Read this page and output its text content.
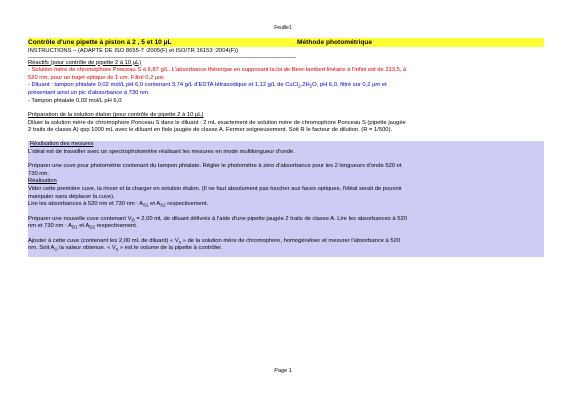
Feuille1
Contrôle d'une pipette à piston à 2 , 5 et 10 µL	Méthode photométrique
INSTRUCTIONS – (ADAPTE DE ISO 8655-7 :2005(F) et ISO/TR 16153 :2004(F))
---------------------------------------------------------------------------------------------------------------------------------------------------------------------------------------
Réactifs (pour contrôle de pipette 2 à 10 µL)
- Solution mère de chromophore Ponceau S à 6,87 g/L. L'absorbance théorique en supposant la loi de Beer-lambert linéaire à l'infini est de 313,5, à
520 nm, pour un trajet optique de 1 cm. Filtré 0,2 µm.
- Diluant : tampon phtalate 0,02 mol/L pH 6,0 contenant 3,74 g/L d'EDTA tétrasodique et 1,12 g/L de $CuCl_2,2H_2O$, pH 6,0, filtré sur 0,2 µm et
présentant ainsi un pic d'absorbance à 730 nm.
- Tampon phtalate 0,02 mol/L pH 6,0
Préparation de la solution étalon (pour contrôle de pipette 2 à 10 µL)
Diluer la solution mère de chromophore Ponceau S dans le diluant : 2 mL exactement de solution mère de chromophore Ponceau S (pipette jaugée
2 traits de classe A) qsp 1000 mL avec le diluant en fiole jaugée de classe A. Fermer soigneusement. Soit R le facteur de dilution. (R = 1/500).
Réalisation des mesures
L'idéal est de travailler avec un spectrophotomètre réalisant les mesures en mode multilongueur d'onde.
Préparer une cuve pour photométrie contenant du tampon phtalate. Régler le photomètre à zéro d'absorbance pour les 2 longueurs d'onde 520 et
730 nm.
Réalisation
Vider cette première cuve, la rincer et la charger en solution étalon. (Il ne faut absolument pas toucher aux faces optiques, l'idéal serait de pouvoir
manipuler sans déplacer la cuve).
Lire les absorbances à 520 nm et 730 nm : $A_{S1}$ et $A_{S2}$ respectivement.
Préparer une nouvelle cuve contenant $V_D = 2,00$ mL de diluant délivrés à l'aide d'une pipette jaugée 2 traits de classe A. Lire les absorbances à 520
nm et 730 nm : $A_{D1}$ et $A_{D2}$ respectivement.
Ajouter à cette cuve (contenant les 2,00 mL de diluant) « $V_u$ » de la solution mère de chromophore, homogénéiser et mesurer l'absorbance à 520
nm. Soit $A_U$ la valeur obtenue. « $V_u$ » est le volume de la pipette à contrôler.
Page 1
